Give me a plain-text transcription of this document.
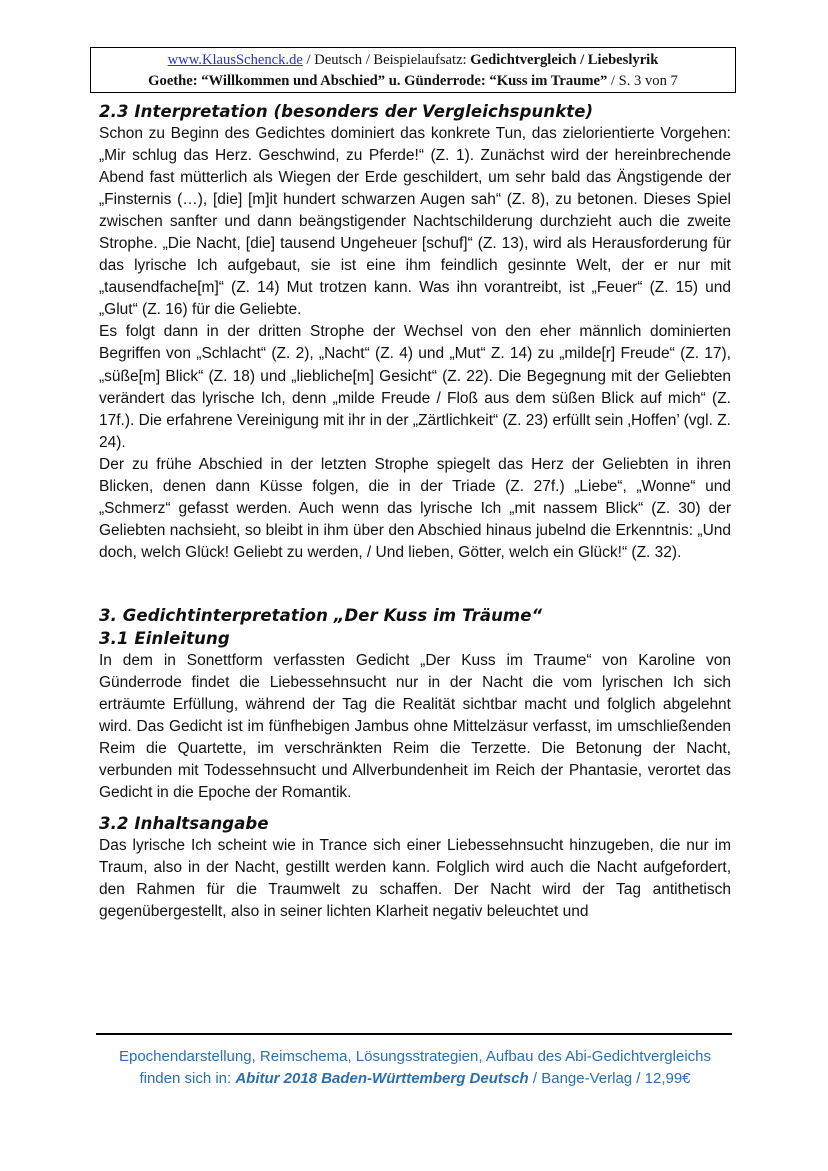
www.KlausSchenck.de / Deutsch / Beispielaufsatz: Gedichtvergleich / Liebeslyrik
Goethe: “Willkommen und Abschied” u. Günderrode: “Kuss im Traume” / S. 3 von 7
2.3 Interpretation (besonders der Vergleichspunkte)

Schon zu Beginn des Gedichtes dominiert das konkrete Tun, das zielorientierte Vorgehen: „Mir schlug das Herz. Geschwind, zu Pferde!“ (Z. 1). Zunächst wird der hereinbrechende Abend fast mütterlich als Wiegen der Erde geschildert, um sehr bald das Ängstigende der „Finsternis (…), [die] [m]it hundert schwarzen Augen sah“ (Z. 8), zu betonen. Dieses Spiel zwischen sanfter und dann beängstigender Nachtschilderung durchzieht auch die zweite Strophe. „Die Nacht, [die] tausend Ungeheuer [schuf]“ (Z. 13), wird als Herausforderung für das lyrische Ich aufgebaut, sie ist eine ihm feindlich gesinnte Welt, der er nur mit „tausendfache[m]“ (Z. 14) Mut trotzen kann. Was ihn vorantreibt, ist „Feuer“ (Z. 15) und „Glut“ (Z. 16) für die Geliebte.

Es folgt dann in der dritten Strophe der Wechsel von den eher männlich dominierten Begriffen von „Schlacht“ (Z. 2), „Nacht“ (Z. 4) und „Mut“ Z. 14) zu „milde[r] Freude“ (Z. 17), „süße[m] Blick“ (Z. 18) und „liebliche[m] Gesicht“ (Z. 22). Die Begegnung mit der Geliebten verändert das lyrische Ich, denn „milde Freude / Floß aus dem süßen Blick auf mich“ (Z. 17f.). Die erfahrene Vereinigung mit ihr in der „Zärtlichkeit“ (Z. 23) erfüllt sein ‚Hoffen’ (vgl. Z. 24).

Der zu frühe Abschied in der letzten Strophe spiegelt das Herz der Geliebten in ihren Blicken, denen dann Küsse folgen, die in der Triade (Z. 27f.) „Liebe“, „Wonne“ und „Schmerz“ gefasst werden. Auch wenn das lyrische Ich „mit nassem Blick“ (Z. 30) der Geliebten nachsieht, so bleibt in ihm über den Abschied hinaus jubelnd die Erkenntnis: „Und doch, welch Glück! Geliebt zu werden, / Und lieben, Götter, welch ein Glück!“ (Z. 32).

3. Gedichtinterpretation „Der Kuss im Träume“
3.1 Einleitung

In dem in Sonettform verfassten Gedicht „Der Kuss im Traume“ von Karoline von Günderrode findet die Liebessehnsucht nur in der Nacht die vom lyrischen Ich sich erträumte Erfüllung, während der Tag die Realität sichtbar macht und folglich abgelehnt wird. Das Gedicht ist im fünfhebigen Jambus ohne Mittelzäsur verfasst, im umschließenden Reim die Quartette, im verschränkten Reim die Terzette. Die Betonung der Nacht, verbunden mit Todessehnsucht und Allverbundenheit im Reich der Phantasie, verortet das Gedicht in die Epoche der Romantik.

3.2 Inhaltsangabe

Das lyrische Ich scheint wie in Trance sich einer Liebessehnsucht hinzugeben, die nur im Traum, also in der Nacht, gestillt werden kann. Folglich wird auch die Nacht aufgefordert, den Rahmen für die Traumwelt zu schaffen. Der Nacht wird der Tag antithetisch gegenübergestellt, also in seiner lichten Klarheit negativ beleuchtet und

Epochendarstellung, Reimschema, Lösungsstrategien, Aufbau des Abi-Gedichtvergleichs
finden sich in: Abitur 2018 Baden-Württemberg Deutsch / Bange-Verlag / 12,99€
